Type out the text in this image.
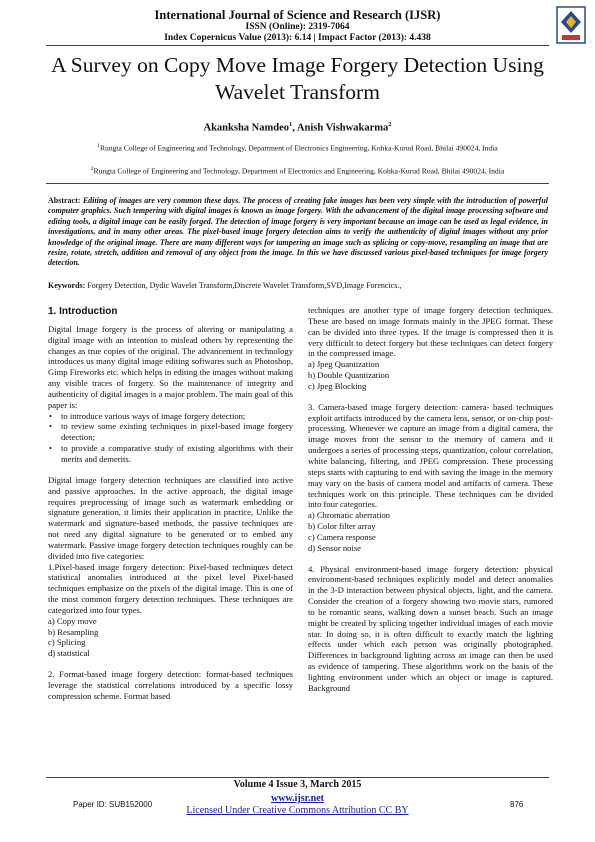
International Journal of Science and Research (IJSR)
ISSN (Online): 2319-7064
Index Copernicus Value (2013): 6.14 | Impact Factor (2013): 4.438
A Survey on Copy Move Image Forgery Detection Using Wavelet Transform
Akanksha Namdeo$^1$, Anish Vishwakarma$^2$
$^1$Rungta College of Engineering and Technology, Department of Electronics Engineering, Kohka-Kurud Road, Bhilai 490024, India
$^2$Rungta College of Engineering and Technology, Department of Electronics and Engineering, Kohka-Kurud Road, Bhilai 490024, India
Abstract: Editing of images are very common these days. The process of creating fake images has been very simple with the introduction of powerful computer graphics. Such tempering with digital images is known as image forgery. With the advancement of the digital image processing software and editing tools, a digital image can be easily forged. The detection of image forgery is very important because an image can be used as legal evidence, in investigations, and in many other areas. The pixel-based image forgery detection aims to verify the authenticity of digital images without any prior knowledge of the original image. There are many different ways for tampering an image such as splicing or copy-move, resampling an image that are resize, rotate, stretch, addition and removal of any object from the image. In this we have discussed various pixel-based techniques for image forgery detection.
Keywords: Forgery Detection, Dydic Wavelet Transform,Discrete Wavelet Transform,SVD,Image Forencics.,
1. Introduction

Digital Image forgery is the process of altering or manipulating a digital image with an intention to mislead others by representing the changes as true copies of the original. The advancement in technology introduces us many digital image editing softwares such as Photoshop, Gimp Fireworks etc. which helps in editing the images without making any visible traces of forgery. So the maintenance of integrity and authenticity of digital images is a major problem. The main goal of this paper is:

• to introduce various ways of image forgery detection;
• to review some existing techniques in pixel-based image forgery detection;
• to provide a comparative study of existing algorithms with their merits and demerits.

Digital image forgery detection techniques are classified into active and passive approaches. In the active approach, the digital image requires preprocessing of image such as watermark embedding or signature generation, it limits their application in practice, Unlike the watermark and signature-based methods, the passive techniques are not need any digital signature to be generated or to embed any watermark. Passive image forgery detection techniques roughly can be divided into five categories:

1.Pixel-based image forgery detection: Pixel-based techniques detect statistical anomalies introduced at the pixel level Pixel-based techniques emphasize on the pixels of the digital image. This is one of the most common forgery detection techniques. These techniques are categorized into four types.

a) Copy move
b) Resampling
c) Splicing
d) statistical

2. Format-based image forgery detection: format-based techniques leverage the statistical correlations introduced by a specific lossy compression scheme. Format based

techniques are another type of image forgery detection techniques. These are based on image formats mainly in the JPEG format. These can be divided into three types. If the image is compressed then it is very difficult to detect forgery but these techniques can detect forgery in the compressed image.

a) Jpeg Quantization
b) Double Quantization
c) Jpeg Blocking

3. Camera-based image forgery detection: camera- based techniques exploit artifacts introduced by the camera lens, sensor, or on-chip post-processing. Whenever we capture an image from a digital camera, the image moves from the sensor to the memory of camera and it undergoes a series of processing steps, quantization, colour correlation, white balancing, filtering, and JPEG compression. These processing steps starts with capturing to end with saving the image in the memory may vary on the basis of camera model and artifacts of camera. These techniques work on this principle. These techniques can be divided into four categories.

a) Chromatic aberration
b) Color filter array
c) Camera response
d) Sensor noise

4. Physical environment-based image forgery detection: physical environment-based techniques explicitly model and detect anomalies in the 3-D interaction between physical objects, light, and the camera. Consider the creation of a forgery showing two movie stars, rumored to be romantic seans, walking down a sunset beach. Such an image might be created by splicing together individual images of each movie star. In doing so, it is often difficult to exactly match the lighting effects under which each person was originally photographed. Differences in background lighting across an image can then be used as evidence of tampering. These algorithms work on the basis of the lighting environment under which an object or image is captured. Background

Volume 4 Issue 3, March 2015
www.ijsr.net
Licensed Under Creative Commons Attribution CC BY
Paper ID: SUB152000	876
